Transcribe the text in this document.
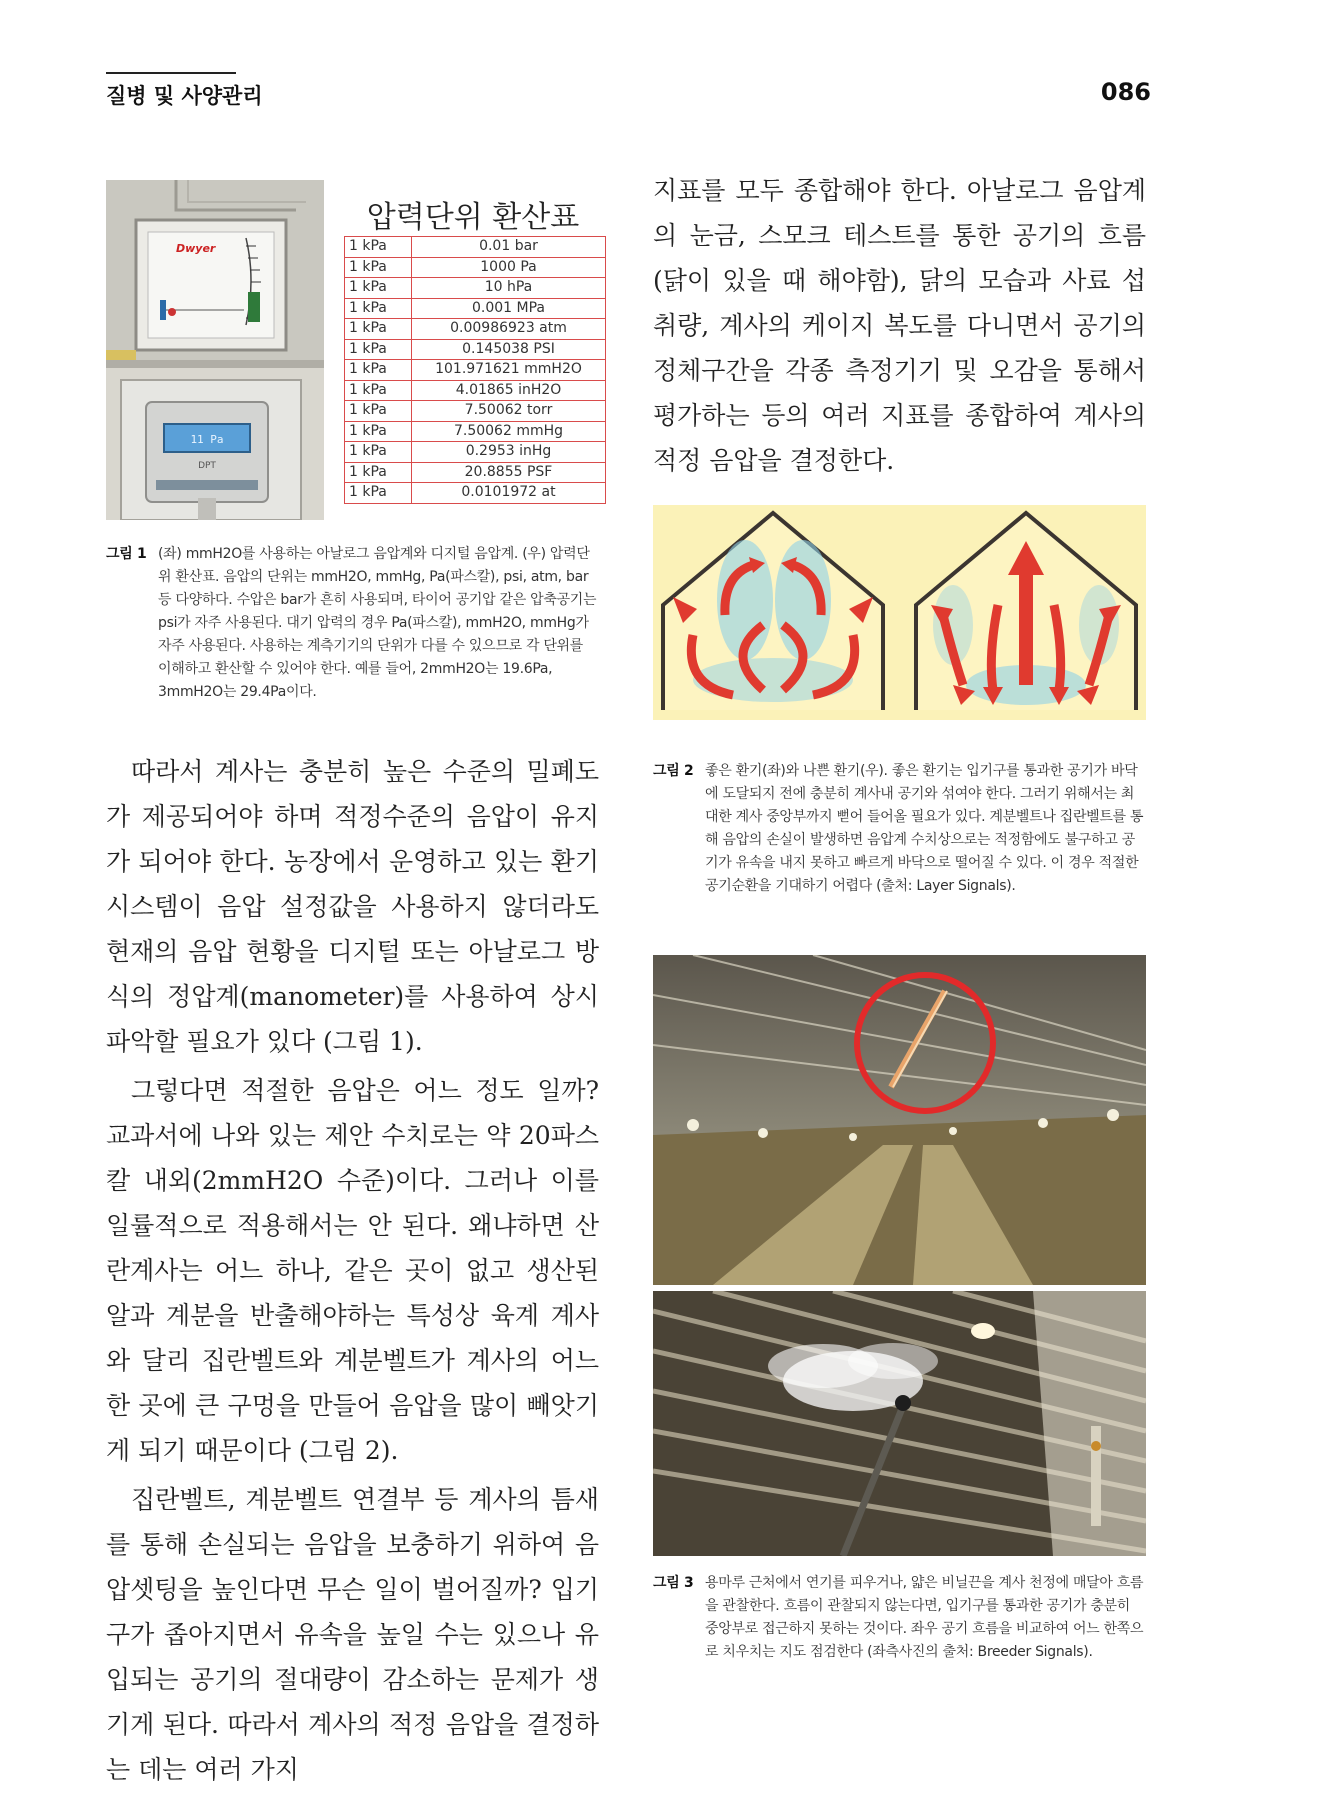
질병 및 사양관리	086
Dwyer
11 Pa
DPT
압력단위 환산표
1 kPa	0.01 bar
1 kPa	1000 Pa
1 kPa	10 hPa
1 kPa	0.001 MPa
1 kPa	0.00986923 atm
1 kPa	0.145038 PSI
1 kPa	101.971621 mmH2O
1 kPa	4.01865 inH2O
1 kPa	7.50062 torr
1 kPa	7.50062 mmHg
1 kPa	0.2953 inHg
1 kPa	20.8855 PSF
1 kPa	0.0101972 at
그림 1 (좌) mmH2O를 사용하는 아날로그 음압계와 디지털 음압계. (우) 압력단위 환산표. 음압의 단위는 mmH2O, mmHg, Pa(파스칼), psi, atm, bar 등 다양하다. 수압은 bar가 흔히 사용되며, 타이어 공기압 같은 압축공기는 psi가 자주 사용된다. 대기 압력의 경우 Pa(파스칼), mmH2O, mmHg가 자주 사용된다. 사용하는 계측기기의 단위가 다를 수 있으므로 각 단위를 이해하고 환산할 수 있어야 한다. 예를 들어, 2mmH2O는 19.6Pa, 3mmH2O는 29.4Pa이다.

지표를 모두 종합해야 한다. 아날로그 음압계의 눈금, 스모크 테스트를 통한 공기의 흐름(닭이 있을 때 해야함), 닭의 모습과 사료 섭취량, 계사의 케이지 복도를 다니면서 공기의 정체구간을 각종 측정기기 및 오감을 통해서 평가하는 등의 여러 지표를 종합하여 계사의 적정 음압을 결정한다.

그림 2 좋은 환기(좌)와 나쁜 환기(우). 좋은 환기는 입기구를 통과한 공기가 바닥에 도달되지 전에 충분히 계사내 공기와 섞여야 한다. 그러기 위해서는 최대한 계사 중앙부까지 뻗어 들어올 필요가 있다. 계분벨트나 집란벨트를 통해 음압의 손실이 발생하면 음압계 수치상으로는 적정함에도 불구하고 공기가 유속을 내지 못하고 빠르게 바닥으로 떨어질 수 있다. 이 경우 적절한 공기순환을 기대하기 어렵다 (출처: Layer Signals).

따라서 계사는 충분히 높은 수준의 밀폐도가 제공되어야 하며 적정수준의 음압이 유지가 되어야 한다. 농장에서 운영하고 있는 환기 시스템이 음압 설정값을 사용하지 않더라도 현재의 음압 현황을 디지털 또는 아날로그 방식의 정압계(manometer)를 사용하여 상시 파악할 필요가 있다 (그림 1).

그렇다면 적절한 음압은 어느 정도 일까? 교과서에 나와 있는 제안 수치로는 약 20파스칼 내외(2mmH2O 수준)이다. 그러나 이를 일률적으로 적용해서는 안 된다. 왜냐하면 산란계사는 어느 하나, 같은 곳이 없고 생산된 알과 계분을 반출해야하는 특성상 육계 계사와 달리 집란벨트와 계분벨트가 계사의 어느 한 곳에 큰 구멍을 만들어 음압을 많이 빼앗기게 되기 때문이다 (그림 2).

집란벨트, 계분벨트 연결부 등 계사의 틈새를 통해 손실되는 음압을 보충하기 위하여 음압셋팅을 높인다면 무슨 일이 벌어질까? 입기구가 좁아지면서 유속을 높일 수는 있으나 유입되는 공기의 절대량이 감소하는 문제가 생기게 된다. 따라서 계사의 적정 음압을 결정하는 데는 여러 가지

그림 3 용마루 근처에서 연기를 피우거나, 얇은 비닐끈을 계사 천정에 매달아 흐름을 관찰한다. 흐름이 관찰되지 않는다면, 입기구를 통과한 공기가 충분히 중앙부로 접근하지 못하는 것이다. 좌우 공기 흐름을 비교하여 어느 한쪽으로 치우치는 지도 점검한다 (좌측사진의 출처: Breeder Signals).
